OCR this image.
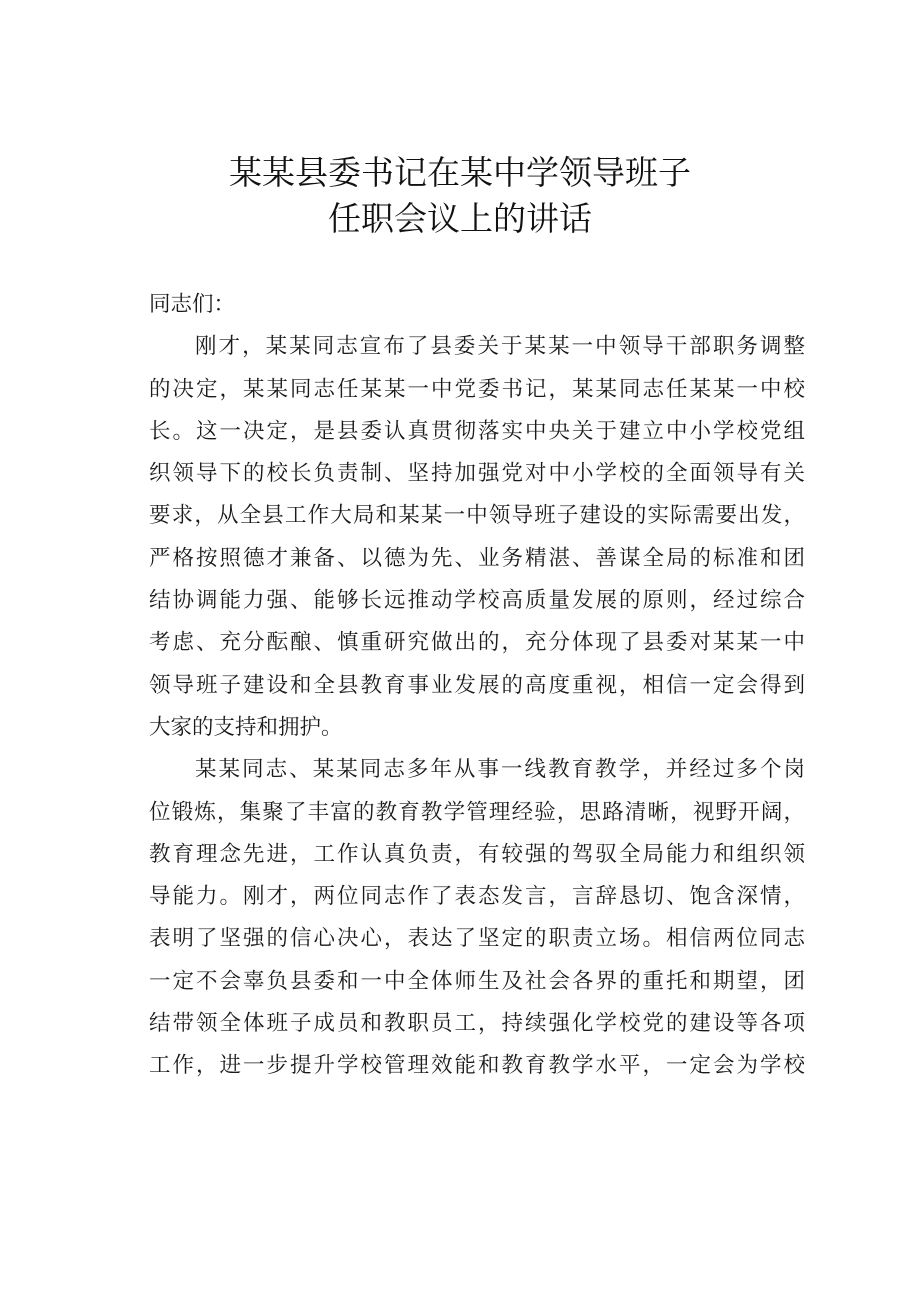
某某县委书记在某中学领导班子
任职会议上的讲话
同志们：
刚才，某某同志宣布了县委关于某某一中领导干部职务调整
的决定，某某同志任某某一中党委书记，某某同志任某某一中校
长。这一决定，是县委认真贯彻落实中央关于建立中小学校党组
织领导下的校长负责制、坚持加强党对中小学校的全面领导有关
要求，从全县工作大局和某某一中领导班子建设的实际需要出发，
严格按照德才兼备、以德为先、业务精湛、善谋全局的标准和团
结协调能力强、能够长远推动学校高质量发展的原则，经过综合
考虑、充分酝酿、慎重研究做出的，充分体现了县委对某某一中
领导班子建设和全县教育事业发展的高度重视，相信一定会得到
大家的支持和拥护。
某某同志、某某同志多年从事一线教育教学，并经过多个岗
位锻炼，集聚了丰富的教育教学管理经验，思路清晰，视野开阔，
教育理念先进，工作认真负责，有较强的驾驭全局能力和组织领
导能力。刚才，两位同志作了表态发言，言辞恳切、饱含深情，
表明了坚强的信心决心，表达了坚定的职责立场。相信两位同志
一定不会辜负县委和一中全体师生及社会各界的重托和期望，团
结带领全体班子成员和教职员工，持续强化学校党的建设等各项
工作，进一步提升学校管理效能和教育教学水平，一定会为学校
